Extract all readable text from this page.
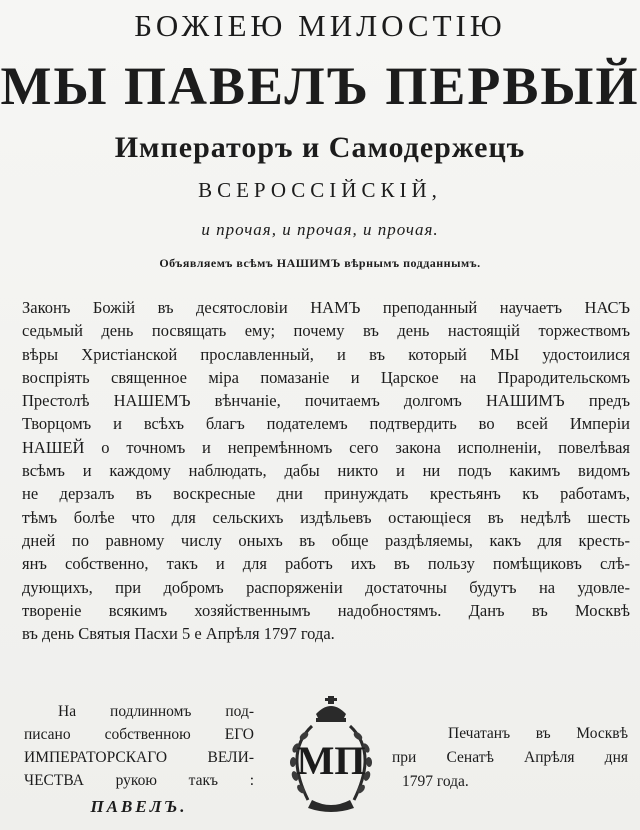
БОЖІЕЮ МИЛОСТІЮ
МЫ ПАВЕЛЪ ПЕРВЫЙ
Императоръ и Самодержецъ
ВСЕРОССІЙСКІЙ,
и прочая, и прочая, и прочая.
Объявляемъ всѣмъ НАШИМЪ вѣрнымъ подданнымъ.
Законъ Божій въ десятословіи НАМЪ преподанный научаетъ НАСЪ
седьмый день посвящать ему; почему въ день настоящій торжествомъ
вѣры Христіанской прославленный, и въ который МЫ удостоилися
воспріять священное міра помазаніе и Царское на Прародительскомъ
Престолѣ НАШЕМЪ вѣнчаніе, почитаемъ долгомъ НАШИМЪ предъ
Творцомъ и всѣхъ благъ подателемъ подтвердить во всей Имперіи
НАШЕЙ о точномъ и непремѣнномъ сего закона исполненіи, повелѣвая
всѣмъ и каждому наблюдать, дабы никто и ни подъ какимъ видомъ
не дерзалъ въ воскресные дни принуждать крестьянъ къ работамъ,
тѣмъ болѣе что для сельскихъ издѣльевъ остающіеся въ недѣлѣ шесть
дней по равному числу оныхъ въ обще раздѣляемы, какъ для кресть-
янъ собственно, такъ и для работъ ихъ въ пользу помѣщиковъ слѣ-
дующихъ, при добромъ распоряженіи достаточны будутъ на удовле-
твореніе всякимъ хозяйственнымъ надобностямъ. Данъ въ Москвѣ
въ день Святыя Пасхи 5 е Апрѣля 1797 года.
На подлинномъ под-
писано собственною ЕГО
ИМПЕРАТОРСКАГО ВЕЛИ-
ЧЕСТВА рукою такъ :
ПАВЕЛЪ.
МП
Печатанъ въ Москвѣ
при Сенатѣ Апрѣля дня
1797 года.
